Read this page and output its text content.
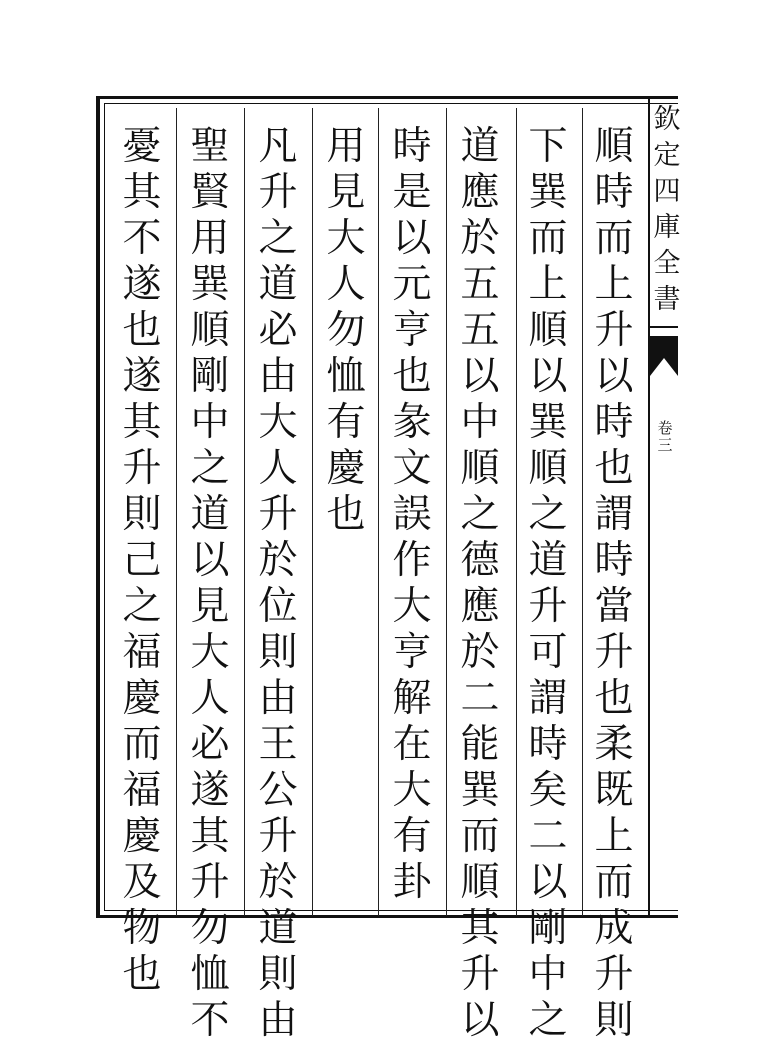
順
時
而
上
升
以
時
也
謂
時
當
升
也
柔
既
上
而
成
升
則
下
巽
而
上
順
以
巽
順
之
道
升
可
謂
時
矣
二
以
剛
中
之
道
應
於
五
五
以
中
順
之
德
應
於
二
能
巽
而
順
其
升
以
時
是
以
元
亨
也
彖
文
誤
作
大
亨
解
在
大
有
卦
用
見
大
人
勿
恤
有
慶
也
凡
升
之
道
必
由
大
人
升
於
位
則
由
王
公
升
於
道
則
由
聖
賢
用
巽
順
剛
中
之
道
以
見
大
人
必
遂
其
升
勿
恤
不
憂
其
不
遂
也
遂
其
升
則
己
之
福
慶
而
福
慶
及
物
也
欽
定
四
庫
全
書
卷
三
